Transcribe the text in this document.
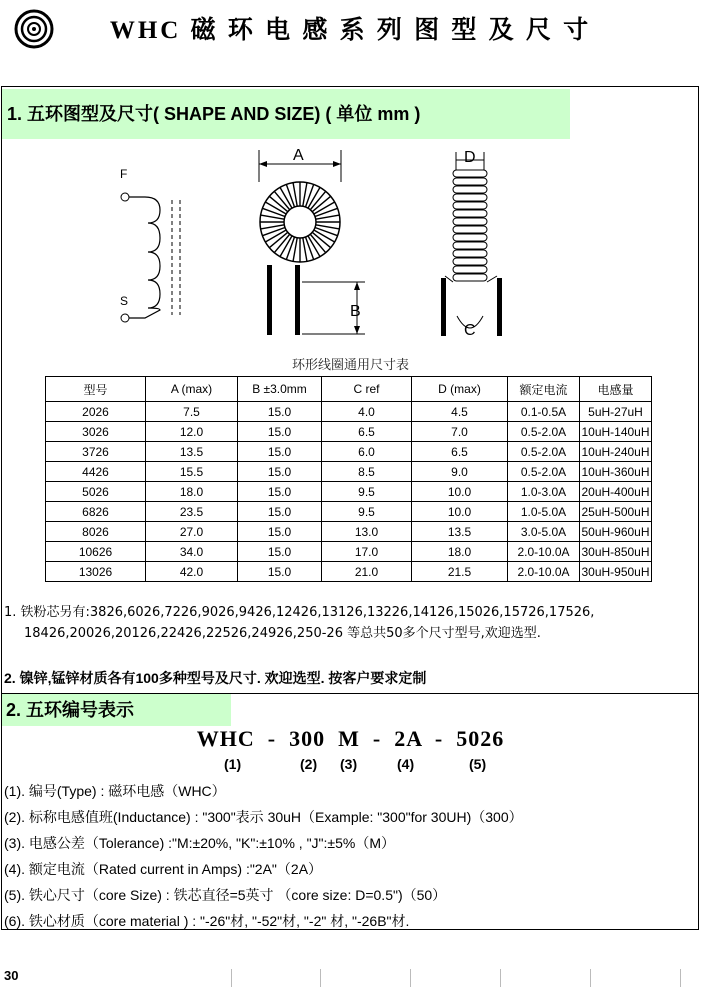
WHC 磁 环 电 感 系 列 图 型 及 尺 寸
1. 五环图型及尺寸( SHAPE AND SIZE) ( 单位 mm )
F
S
A
B
D
C
环形线圈通用尺寸表
型号	A (max)	B ±3.0mm	C ref	D (max)	额定电流	电感量
2026	7.5	15.0	4.0	4.5	0.1-0.5A	5uH-27uH
3026	12.0	15.0	6.5	7.0	0.5-2.0A	10uH-140uH
3726	13.5	15.0	6.0	6.5	0.5-2.0A	10uH-240uH
4426	15.5	15.0	8.5	9.0	0.5-2.0A	10uH-360uH
5026	18.0	15.0	9.5	10.0	1.0-3.0A	20uH-400uH
6826	23.5	15.0	9.5	10.0	1.0-5.0A	25uH-500uH
8026	27.0	15.0	13.0	13.5	3.0-5.0A	50uH-960uH
10626	34.0	15.0	17.0	18.0	2.0-10.0A	30uH-850uH
13026	42.0	15.0	21.0	21.5	2.0-10.0A	30uH-950uH
1. 铁粉芯另有:3826,6026,7226,9026,9426,12426,13126,13226,14126,15026,15726,17526,
18426,20026,20126,22426,22526,24926,250-26 等总共50多个尺寸型号,欢迎选型.
2. 镍锌,锰锌材质各有100多种型号及尺寸. 欢迎选型. 按客户要求定制
2. 五环编号表示
WHC  -  300  M  -  2A  -  5026
(1)	(2) (3)	(4)	(5)
(1). 编号(Type) : 磁环电感（WHC）
(2). 标称电感值班(Inductance) : "300"表示 30uH（Example: "300"for 30UH)（300）
(3). 电感公差（Tolerance) :"M:±20%, "K":±10% , "J":±5%（M）
(4). 额定电流（Rated current in Amps) :"2A"（2A）
(5). 铁心尺寸（core Size) : 铁芯直径=5英寸 （core size: D=0.5")（50）
(6). 铁心材质（core material ) : "-26"材, "-52"材, "-2" 材, "-26B"材.
30
